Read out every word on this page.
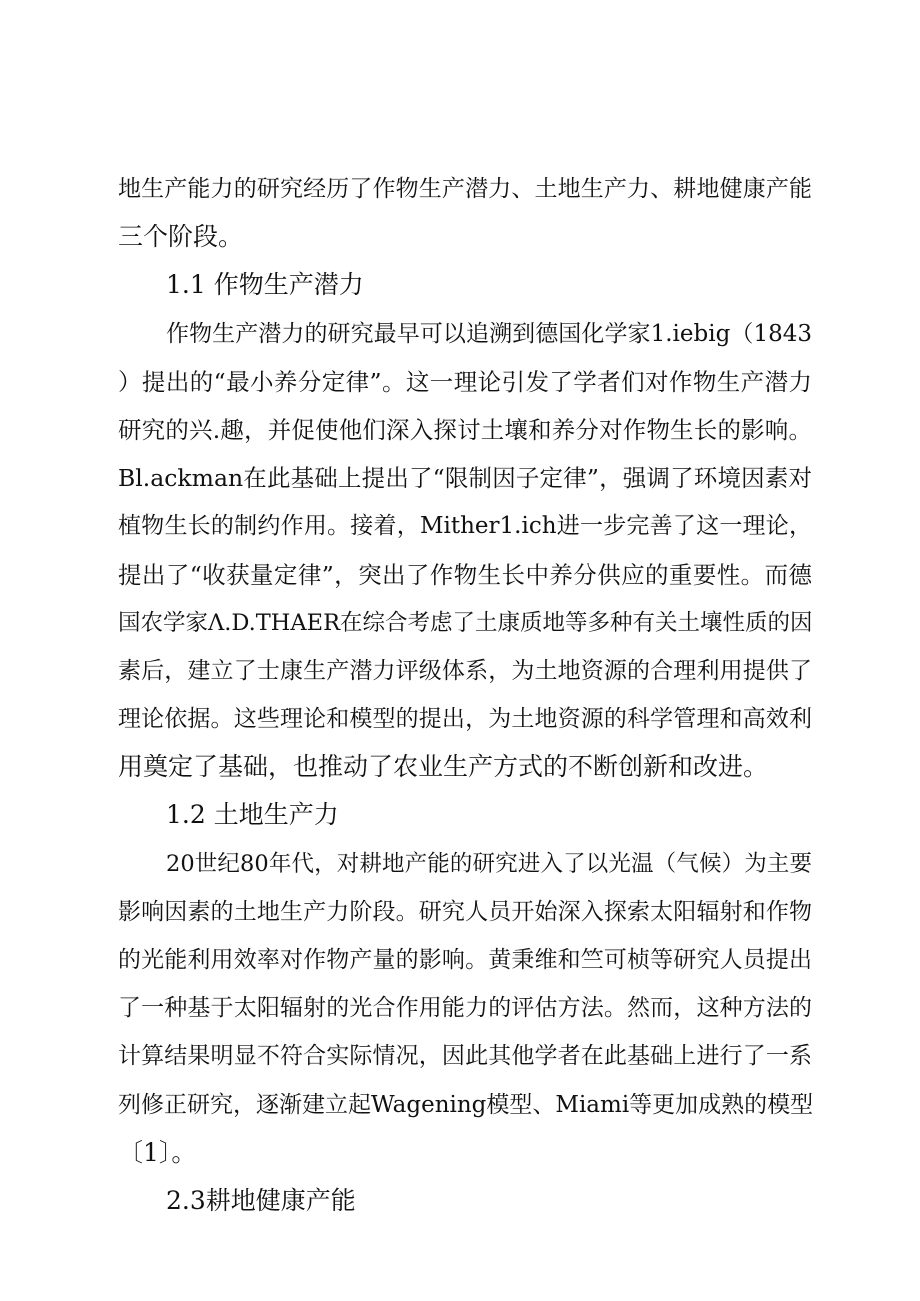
地生产能力的研究经历了作物生产潜力、土地生产力、耕地健康产能
三个阶段。
1.1 作物生产潜力
作物生产潜力的研究最早可以追溯到德国化学家1.iebig（1843
）提出的“最小养分定律”。这一理论引发了学者们对作物生产潜力
研究的兴.趣，并促使他们深入探讨土壤和养分对作物生长的影响。
Bl.ackman在此基础上提出了“限制因子定律”，强调了环境因素对
植物生长的制约作用。接着，Mither1.ich进一步完善了这一理论，
提出了“收获量定律”，突出了作物生长中养分供应的重要性。而德
国农学家Λ.D.THAER在综合考虑了土康质地等多种有关土壤性质的因
素后，建立了士康生产潜力评级体系，为土地资源的合理利用提供了
理论依据。这些理论和模型的提出，为土地资源的科学管理和高效利
用奠定了基础，也推动了农业生产方式的不断创新和改进。
1.2 土地生产力
20世纪80年代，对耕地产能的研究进入了以光温（气候）为主要
影响因素的土地生产力阶段。研究人员开始深入探索太阳辐射和作物
的光能利用效率对作物产量的影响。黄秉维和竺可桢等研究人员提出
了一种基于太阳辐射的光合作用能力的评估方法。然而，这种方法的
计算结果明显不符合实际情况，因此其他学者在此基础上进行了一系
列修正研究，逐渐建立起Wagening模型、Miami等更加成熟的模型
〔1〕。
2.3耕地健康产能
